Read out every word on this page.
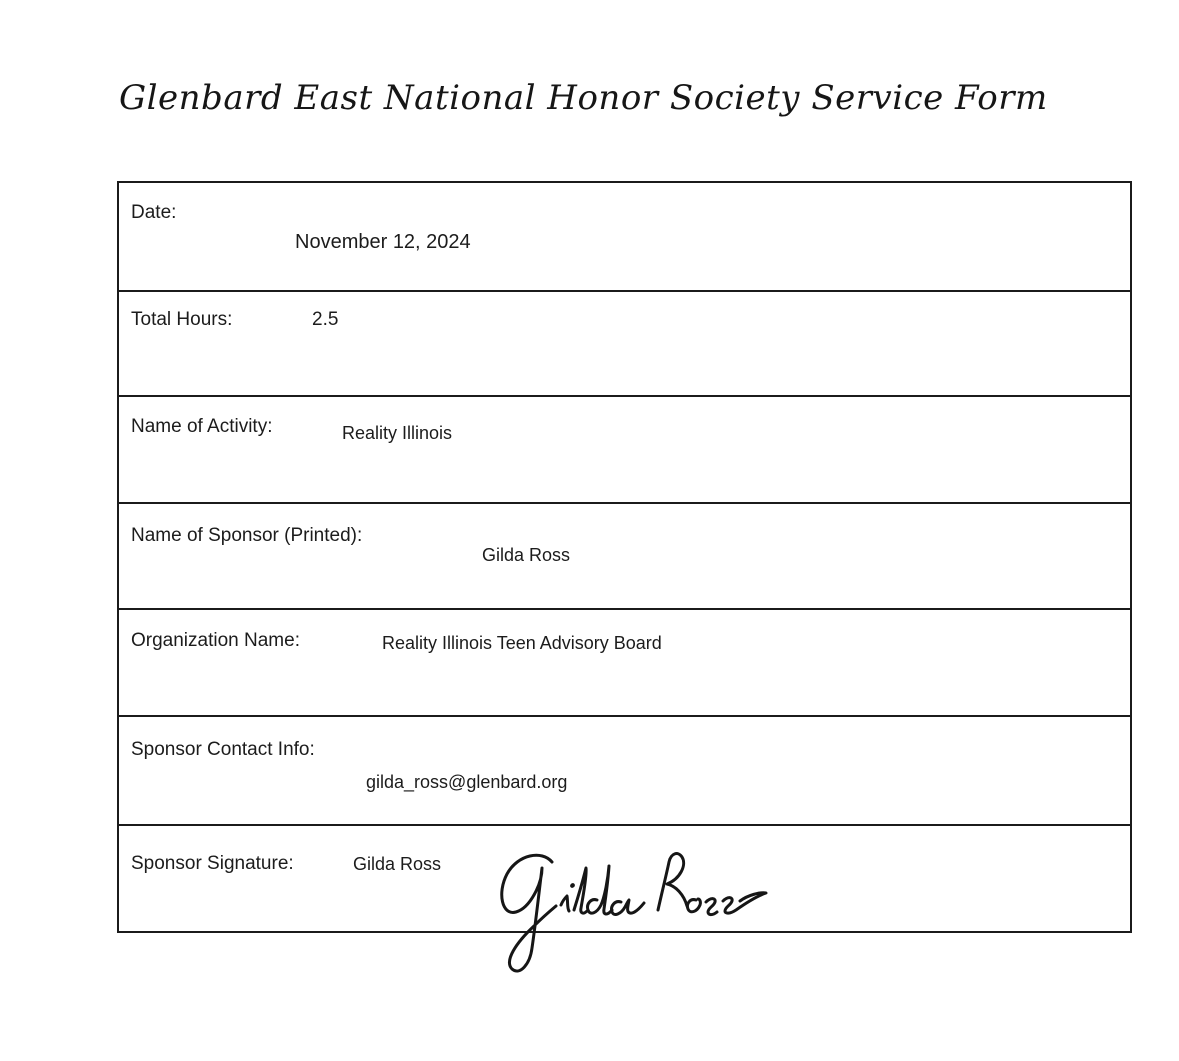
Glenbard East National Honor Society Service Form
Date:
November 12, 2024
Total Hours:	2.5
Name of Activity:	Reality Illinois
Name of Sponsor (Printed):
Gilda Ross
Organization Name:	Reality Illinois Teen Advisory Board
Sponsor Contact Info:
gilda_ross@glenbard.org
Sponsor Signature:	Gilda Ross
